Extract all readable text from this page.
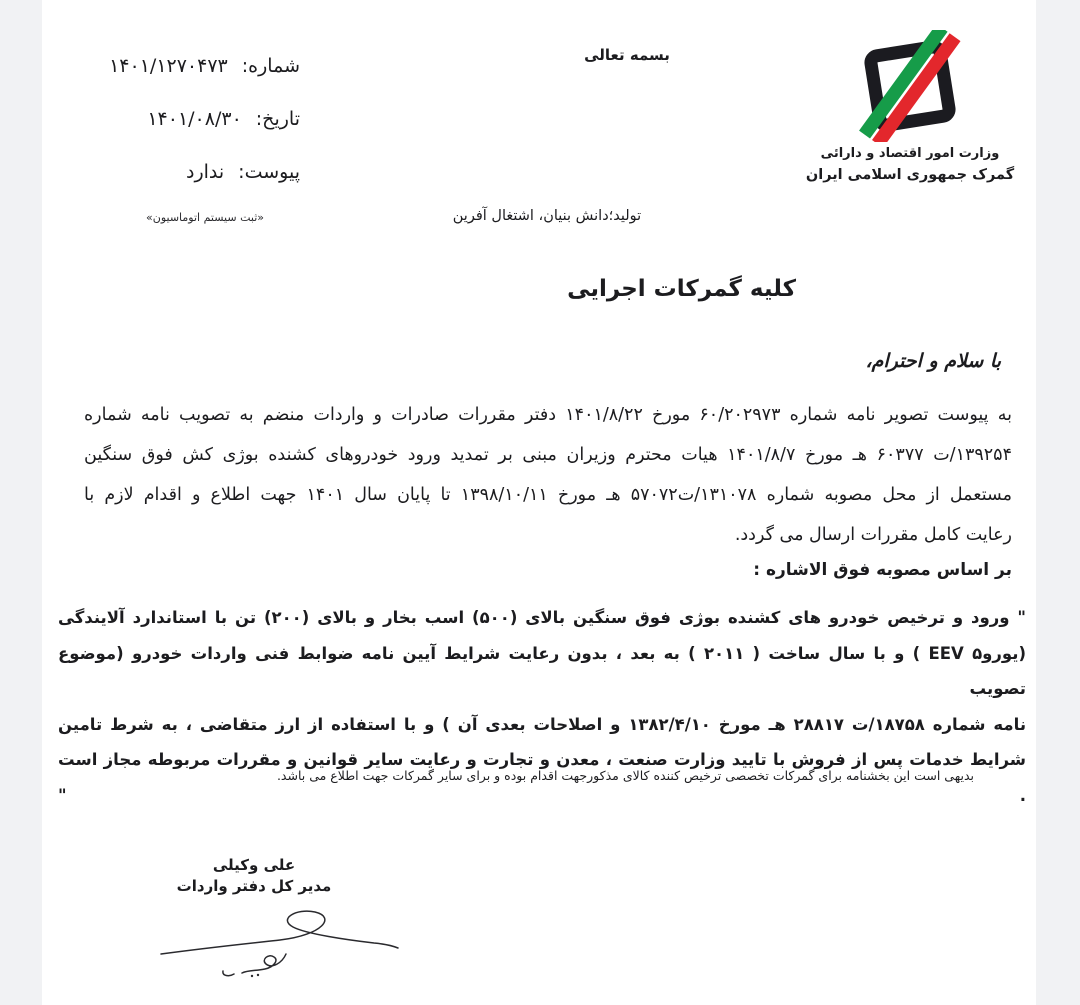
شماره:
۱۴۰۱/۱۲۷۰۴۷۳
تاریخ:
۱۴۰۱/۰۸/۳۰
پیوست:
ندارد
«ثبت سیستم اتوماسیون»
بسمه تعالی
وزارت امور اقتصاد و دارائی
گمرک جمهوری اسلامی ایران
تولید؛دانش بنیان، اشتغال آفرین
کلیه گمرکات اجرایی
با سلام و احترام،
به پیوست تصویر نامه شماره ۶۰/۲۰۲۹۷۳ مورخ ۱۴۰۱/۸/۲۲ دفتر مقررات صادرات و واردات منضم به تصویب نامه شماره
۱۳۹۲۵۴/ت ۶۰۳۷۷ هـ مورخ ۱۴۰۱/۸/۷ هیات محترم وزیران مبنی بر تمدید ورود خودروهای کشنده بوژی کش فوق سنگین
مستعمل از محل مصوبه شماره ۱۳۱۰۷۸/ت۵۷۰۷۲ هـ مورخ ۱۳۹۸/۱۰/۱۱ تا پایان سال ۱۴۰۱ جهت اطلاع و اقدام لازم با
رعایت کامل مقررات ارسال می گردد.
بر اساس مصوبه فوق الاشاره :
" ورود و ترخیص خودرو های کشنده بوژی فوق سنگین بالای (۵۰۰) اسب بخار و بالای (۲۰۰) تن با استاندارد آلایندگی
(یورو۵ EEV ) و با سال ساخت ( ۲۰۱۱ ) به بعد ، بدون رعایت شرایط آیین نامه ضوابط فنی واردات خودرو (موضوع تصویب
نامه شماره ۱۸۷۵۸/ت ۲۸۸۱۷ هـ مورخ ۱۳۸۲/۴/۱۰ و اصلاحات بعدی آن ) و با استفاده از ارز متقاضی ، به شرط تامین
شرایط خدمات پس از فروش با تایید وزارت صنعت ، معدن و تجارت و رعایت سایر قوانین و مقررات مربوطه مجاز است . "
بدیهی است این بخشنامه برای گمرکات تخصصی ترخیص کننده کالای مذکورجهت اقدام بوده و برای سایر گمرکات جهت اطلاع می باشد.
علی وکیلی
مدیر کل دفتر واردات
